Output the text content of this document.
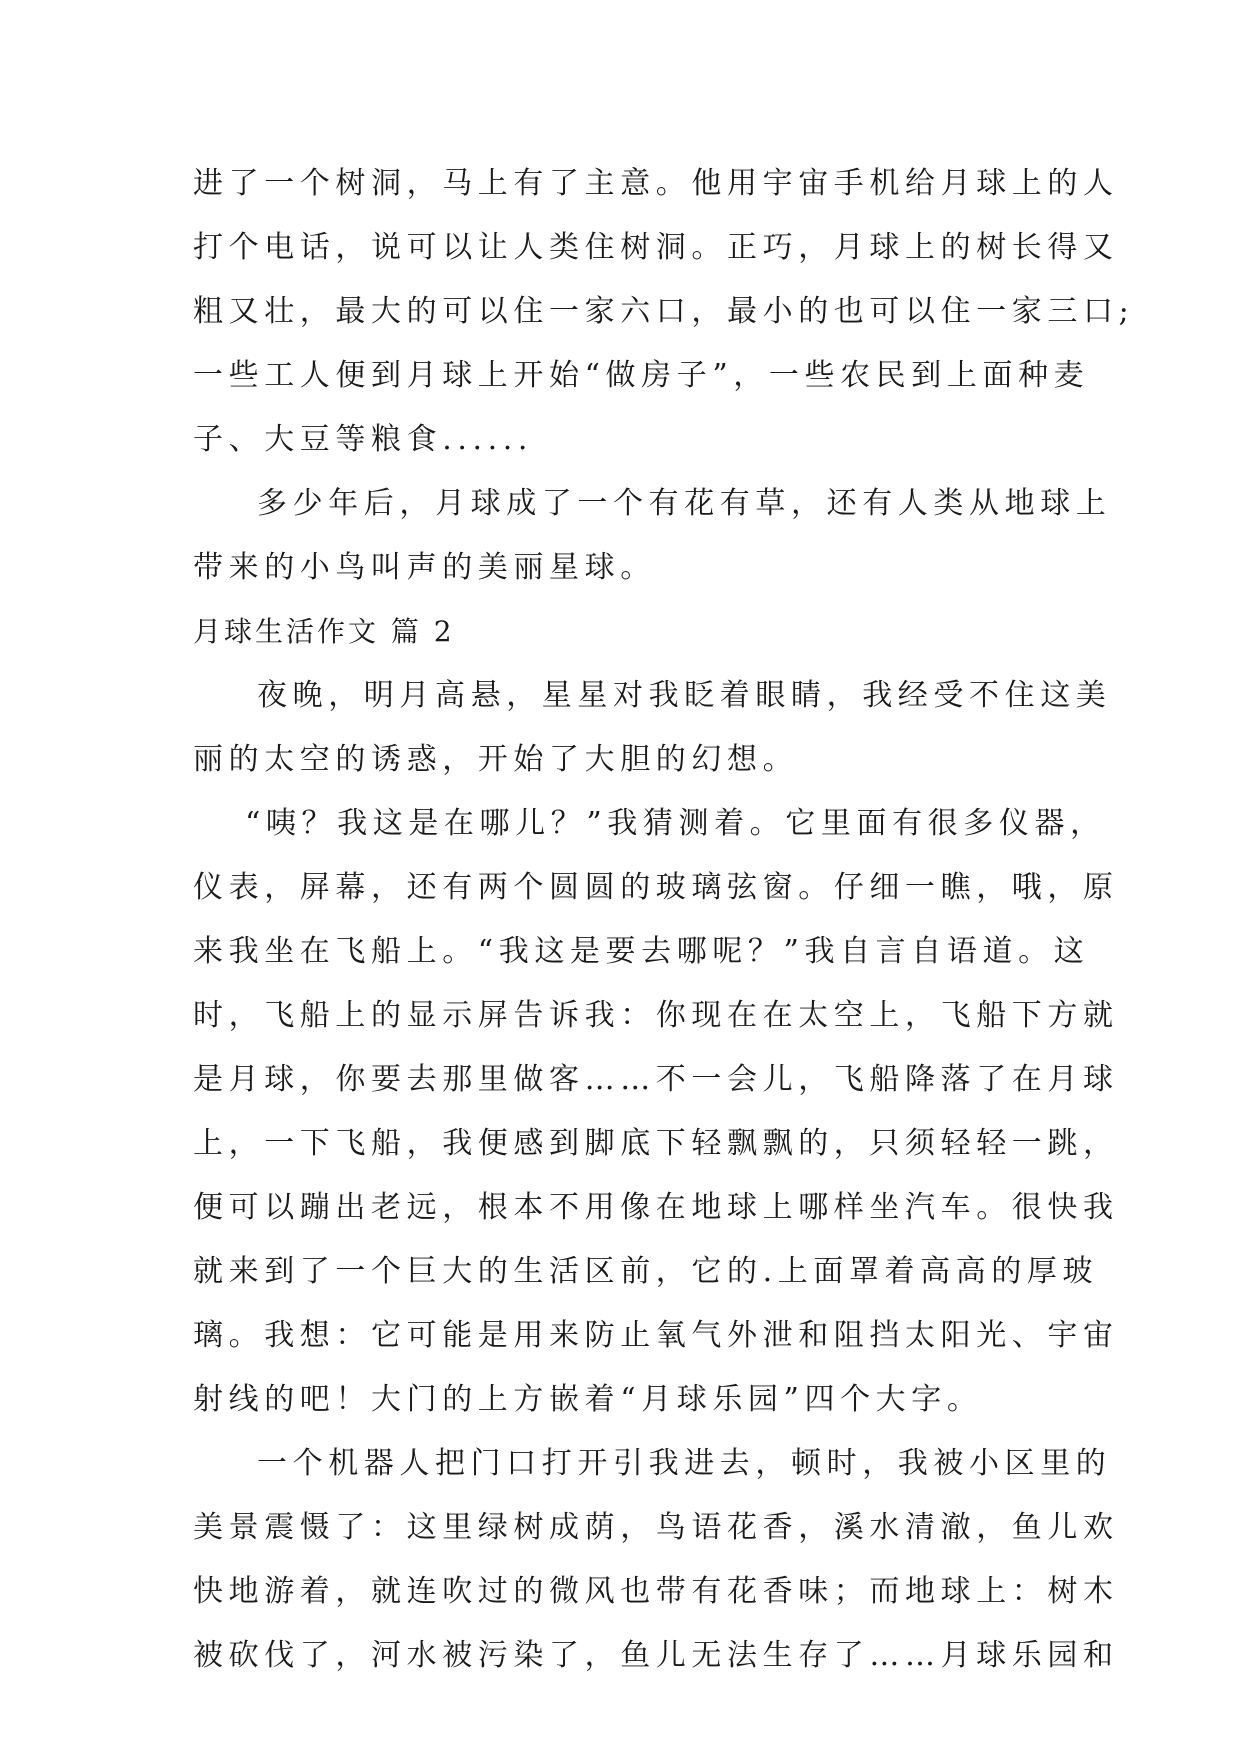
进了一个树洞，马上有了主意。他用宇宙手机给月球上的人
打个电话，说可以让人类住树洞。正巧，月球上的树长得又
粗又壮，最大的可以住一家六口，最小的也可以住一家三口;
一些工人便到月球上开始“做房子”，一些农民到上面种麦
子、大豆等粮食......
多少年后，月球成了一个有花有草，还有人类从地球上
带来的小鸟叫声的美丽星球。
月球生活作文 篇 2
夜晚，明月高悬，星星对我眨着眼睛，我经受不住这美
丽的太空的诱惑，开始了大胆的幻想。
“咦？我这是在哪儿？”我猜测着。它里面有很多仪器，
仪表，屏幕，还有两个圆圆的玻璃弦窗。仔细一瞧，哦，原
来我坐在飞船上。“我这是要去哪呢？”我自言自语道。这
时，飞船上的显示屏告诉我：你现在在太空上，飞船下方就
是月球，你要去那里做客……不一会儿，飞船降落了在月球
上，一下飞船，我便感到脚底下轻飘飘的，只须轻轻一跳，
便可以蹦出老远，根本不用像在地球上哪样坐汽车。很快我
就来到了一个巨大的生活区前，它的.上面罩着高高的厚玻
璃。我想：它可能是用来防止氧气外泄和阻挡太阳光、宇宙
射线的吧！大门的上方嵌着“月球乐园”四个大字。
一个机器人把门口打开引我进去，顿时，我被小区里的
美景震慑了：这里绿树成荫，鸟语花香，溪水清澈，鱼儿欢
快地游着，就连吹过的微风也带有花香味；而地球上：树木
被砍伐了，河水被污染了，鱼儿无法生存了……月球乐园和
